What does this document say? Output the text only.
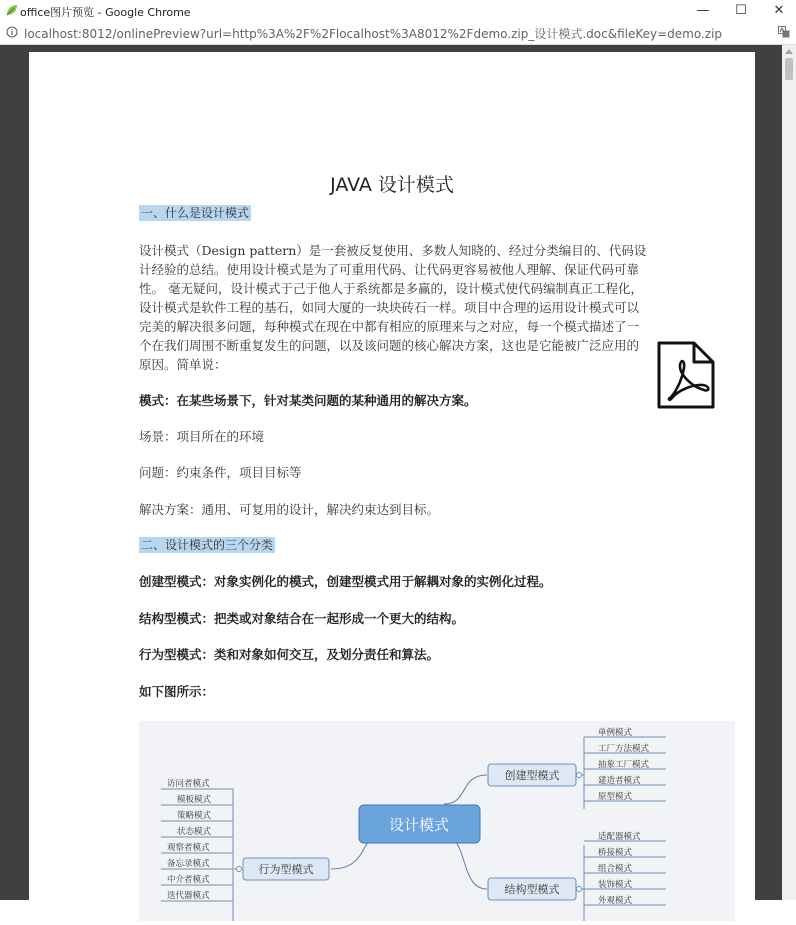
office图片预览 - Google Chrome	—	☐	✕
localhost:8012/onlinePreview?url=http%3A%2F%2Flocalhost%3A8012%2Fdemo.zip_设计模式.doc&fileKey=demo.zip
JAVA 设计模式
一、什么是设计模式
设计模式（Design pattern）是一套被反复使用、多数人知晓的、经过分类编目的、代码设计经验的总结。使用设计模式是为了可重用代码、让代码更容易被他人理解、保证代码可靠性。 毫无疑问，设计模式于己于他人于系统都是多赢的，设计模式使代码编制真正工程化，设计模式是软件工程的基石，如同大厦的一块块砖石一样。项目中合理的运用设计模式可以完美的解决很多问题，每种模式在现在中都有相应的原理来与之对应，每一个模式描述了一个在我们周围不断重复发生的问题，以及该问题的核心解决方案，这也是它能被广泛应用的原因。简单说：
模式：在某些场景下，针对某类问题的某种通用的解决方案。
场景：项目所在的环境
问题：约束条件，项目目标等
解决方案：通用、可复用的设计，解决约束达到目标。
二、设计模式的三个分类
创建型模式：对象实例化的模式，创建型模式用于解耦对象的实例化过程。
结构型模式：把类或对象结合在一起形成一个更大的结构。
行为型模式：类和对象如何交互，及划分责任和算法。
如下图所示：
设计模式
创建型模式
单例模式
工厂方法模式
抽象工厂模式
建造者模式
原型模式
结构型模式
适配器模式
桥接模式
组合模式
装饰模式
外观模式
行为型模式
访问者模式
模板模式
策略模式
状态模式
观察者模式
备忘录模式
中介者模式
迭代器模式
